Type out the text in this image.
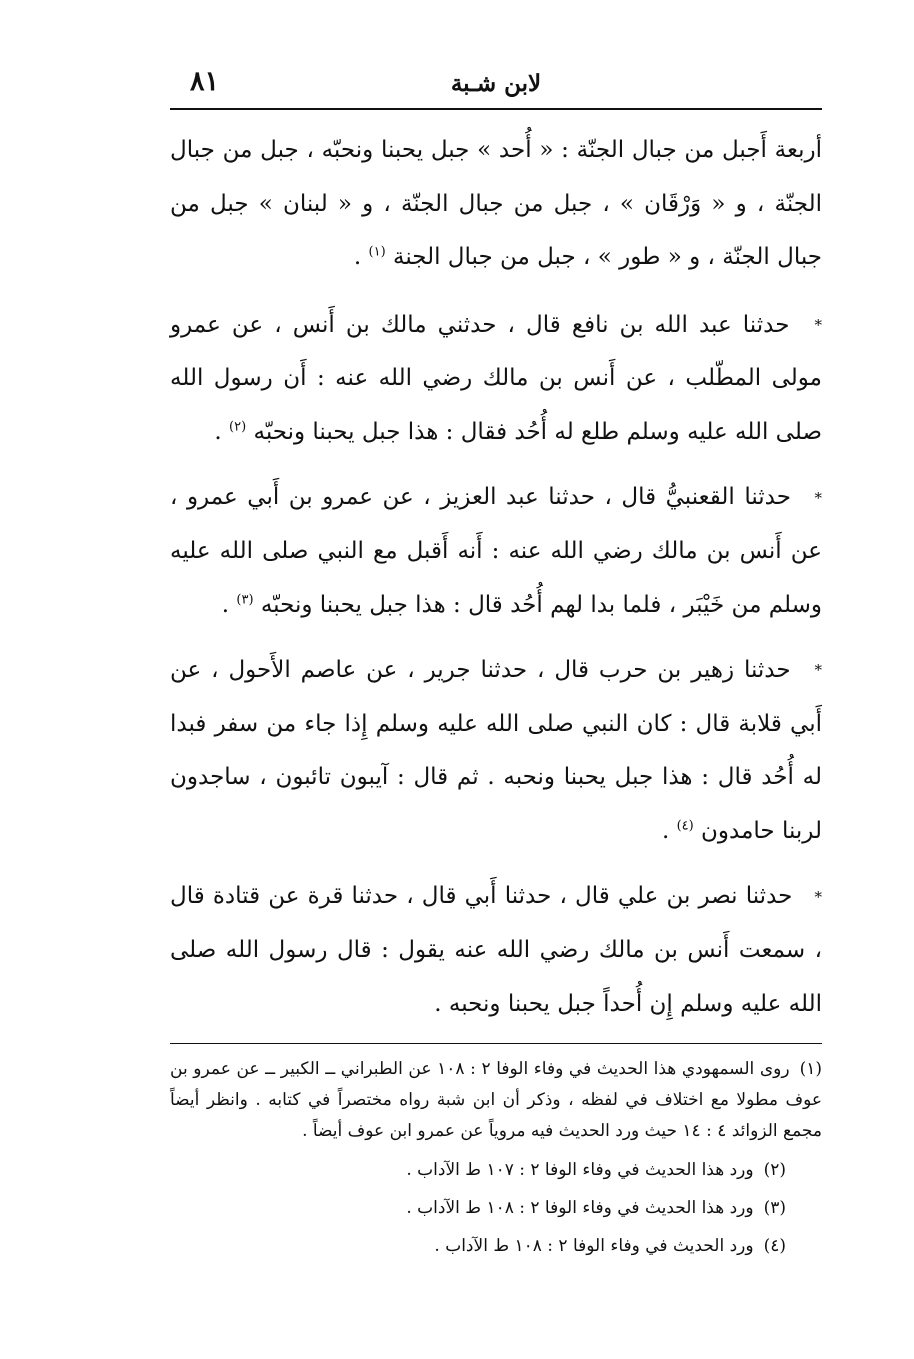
لابن شـبة
٨١

أربعة أَجبل من جبال الجنّة : « أُحد » جبل يحبنا ونحبّه ، جبل من جبال الجنّة ، و « وَرْقَان » ، جبل من جبال الجنّة ، و « لبنان » جبل من جبال الجنّة ، و « طور » ، جبل من جبال الجنة $^{(١)}$ .

* حدثنا عبد الله بن نافع قال ، حدثني مالك بن أَنس ، عن عمرو مولى المطّلب ، عن أَنس بن مالك رضي الله عنه : أَن رسول الله صلى الله عليه وسلم طلع له أُحُد فقال : هذا جبل يحبنا ونحبّه $^{(٢)}$ .

* حدثنا القعنبيُّ قال ، حدثنا عبد العزيز ، عن عمرو بن أَبي عمرو ، عن أَنس بن مالك رضي الله عنه : أَنه أَقبل مع النبي صلى الله عليه وسلم من خَيْبَر ، فلما بدا لهم أُحُد قال : هذا جبل يحبنا ونحبّه $^{(٣)}$ .

* حدثنا زهير بن حرب قال ، حدثنا جرير ، عن عاصم الأَحول ، عن أَبي قلابة قال : كان النبي صلى الله عليه وسلم إِذا جاء من سفر فبدا له أُحُد قال : هذا جبل يحبنا ونحبه . ثم قال : آيبون تائبون ، ساجدون لربنا حامدون $^{(٤)}$ .

* حدثنا نصر بن علي قال ، حدثنا أَبي قال ، حدثنا قرة عن قتادة قال ، سمعت أَنس بن مالك رضي الله عنه يقول : قال رسول الله صلى الله عليه وسلم إِن أُحداً جبل يحبنا ونحبه .

(١)روى السمهودي هذا الحديث في وفاء الوفا ٢ : ١٠٨ عن الطبراني ــ الكبير ــ عن عمرو بن عوف مطولا مع اختلاف في لفظه ، وذكر أن ابن شبة رواه مختصراً في كتابه . وانظر أيضاً مجمع الزوائد ٤ : ١٤ حيث ورد الحديث فيه مروياً عن عمرو ابن عوف أيضاً .

(٢)ورد هذا الحديث في وفاء الوفا ٢ : ١٠٧ ط الآداب .

(٣)ورد هذا الحديث في وفاء الوفا ٢ : ١٠٨ ط الآداب .

(٤)ورد الحديث في وفاء الوفا ٢ : ١٠٨ ط الآداب .
